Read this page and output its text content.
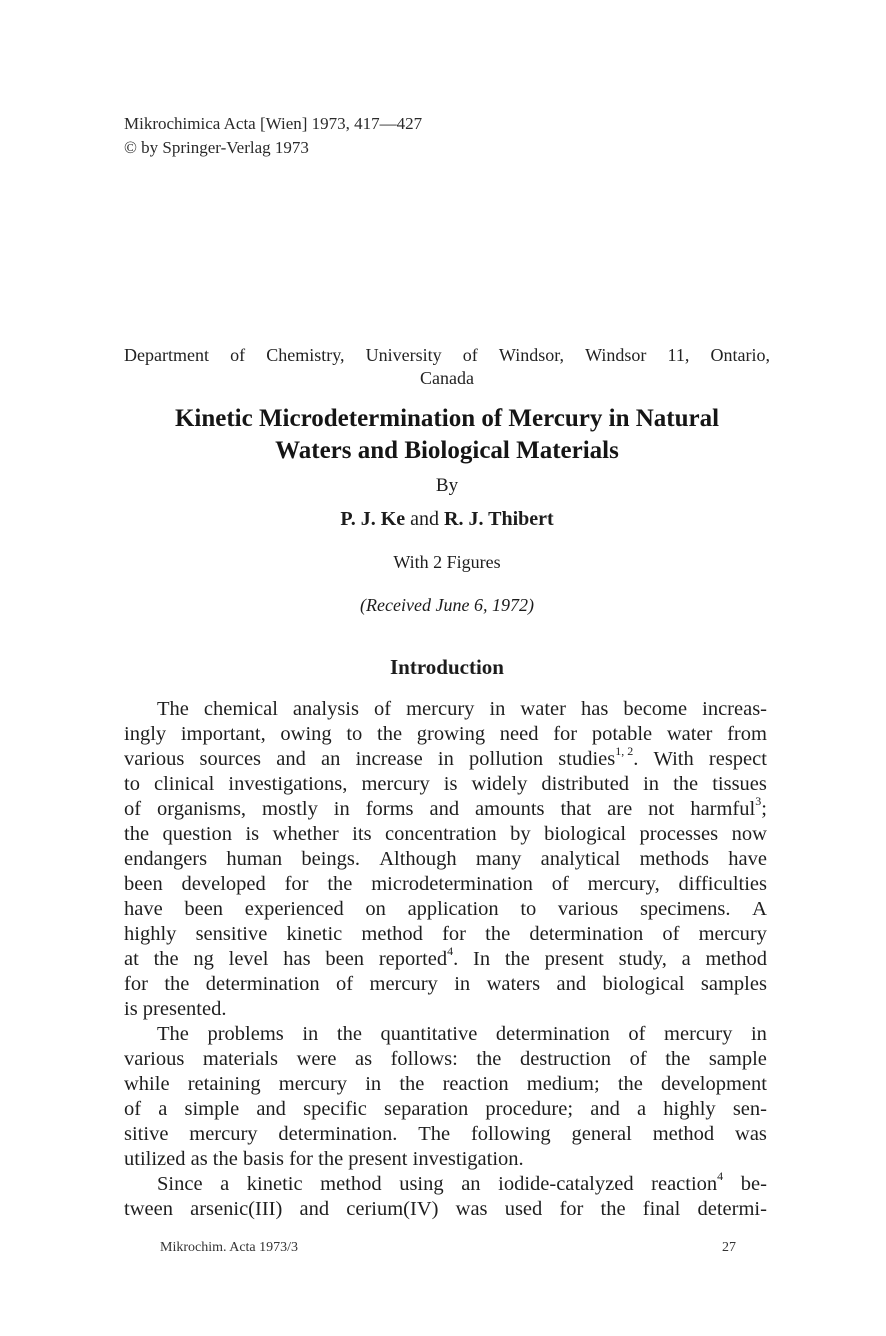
Mikrochimica Acta [Wien] 1973, 417—427
© by Springer-Verlag 1973
Department of Chemistry, University of Windsor, Windsor 11, Ontario,
Canada
Kinetic Microdetermination of Mercury in Natural
Waters and Biological Materials
By
P. J. Ke and R. J. Thibert
With 2 Figures
(Received June 6, 1972)
Introduction
The chemical analysis of mercury in water has become increas-
ingly important, owing to the growing need for potable water from
various sources and an increase in pollution studies$^{1, 2}$. With respect
to clinical investigations, mercury is widely distributed in the tissues
of organisms, mostly in forms and amounts that are not harmful$^3$;
the question is whether its concentration by biological processes now
endangers human beings. Although many analytical methods have
been developed for the microdetermination of mercury, difficulties
have been experienced on application to various specimens. A
highly sensitive kinetic method for the determination of mercury
at the ng level has been reported$^4$. In the present study, a method
for the determination of mercury in waters and biological samples
is presented.
The problems in the quantitative determination of mercury in
various materials were as follows: the destruction of the sample
while retaining mercury in the reaction medium; the development
of a simple and specific separation procedure; and a highly sen-
sitive mercury determination. The following general method was
utilized as the basis for the present investigation.
Since a kinetic method using an iodide-catalyzed reaction$^4$ be-
tween arsenic(III) and cerium(IV) was used for the final determi-
Mikrochim. Acta 1973/3	27
